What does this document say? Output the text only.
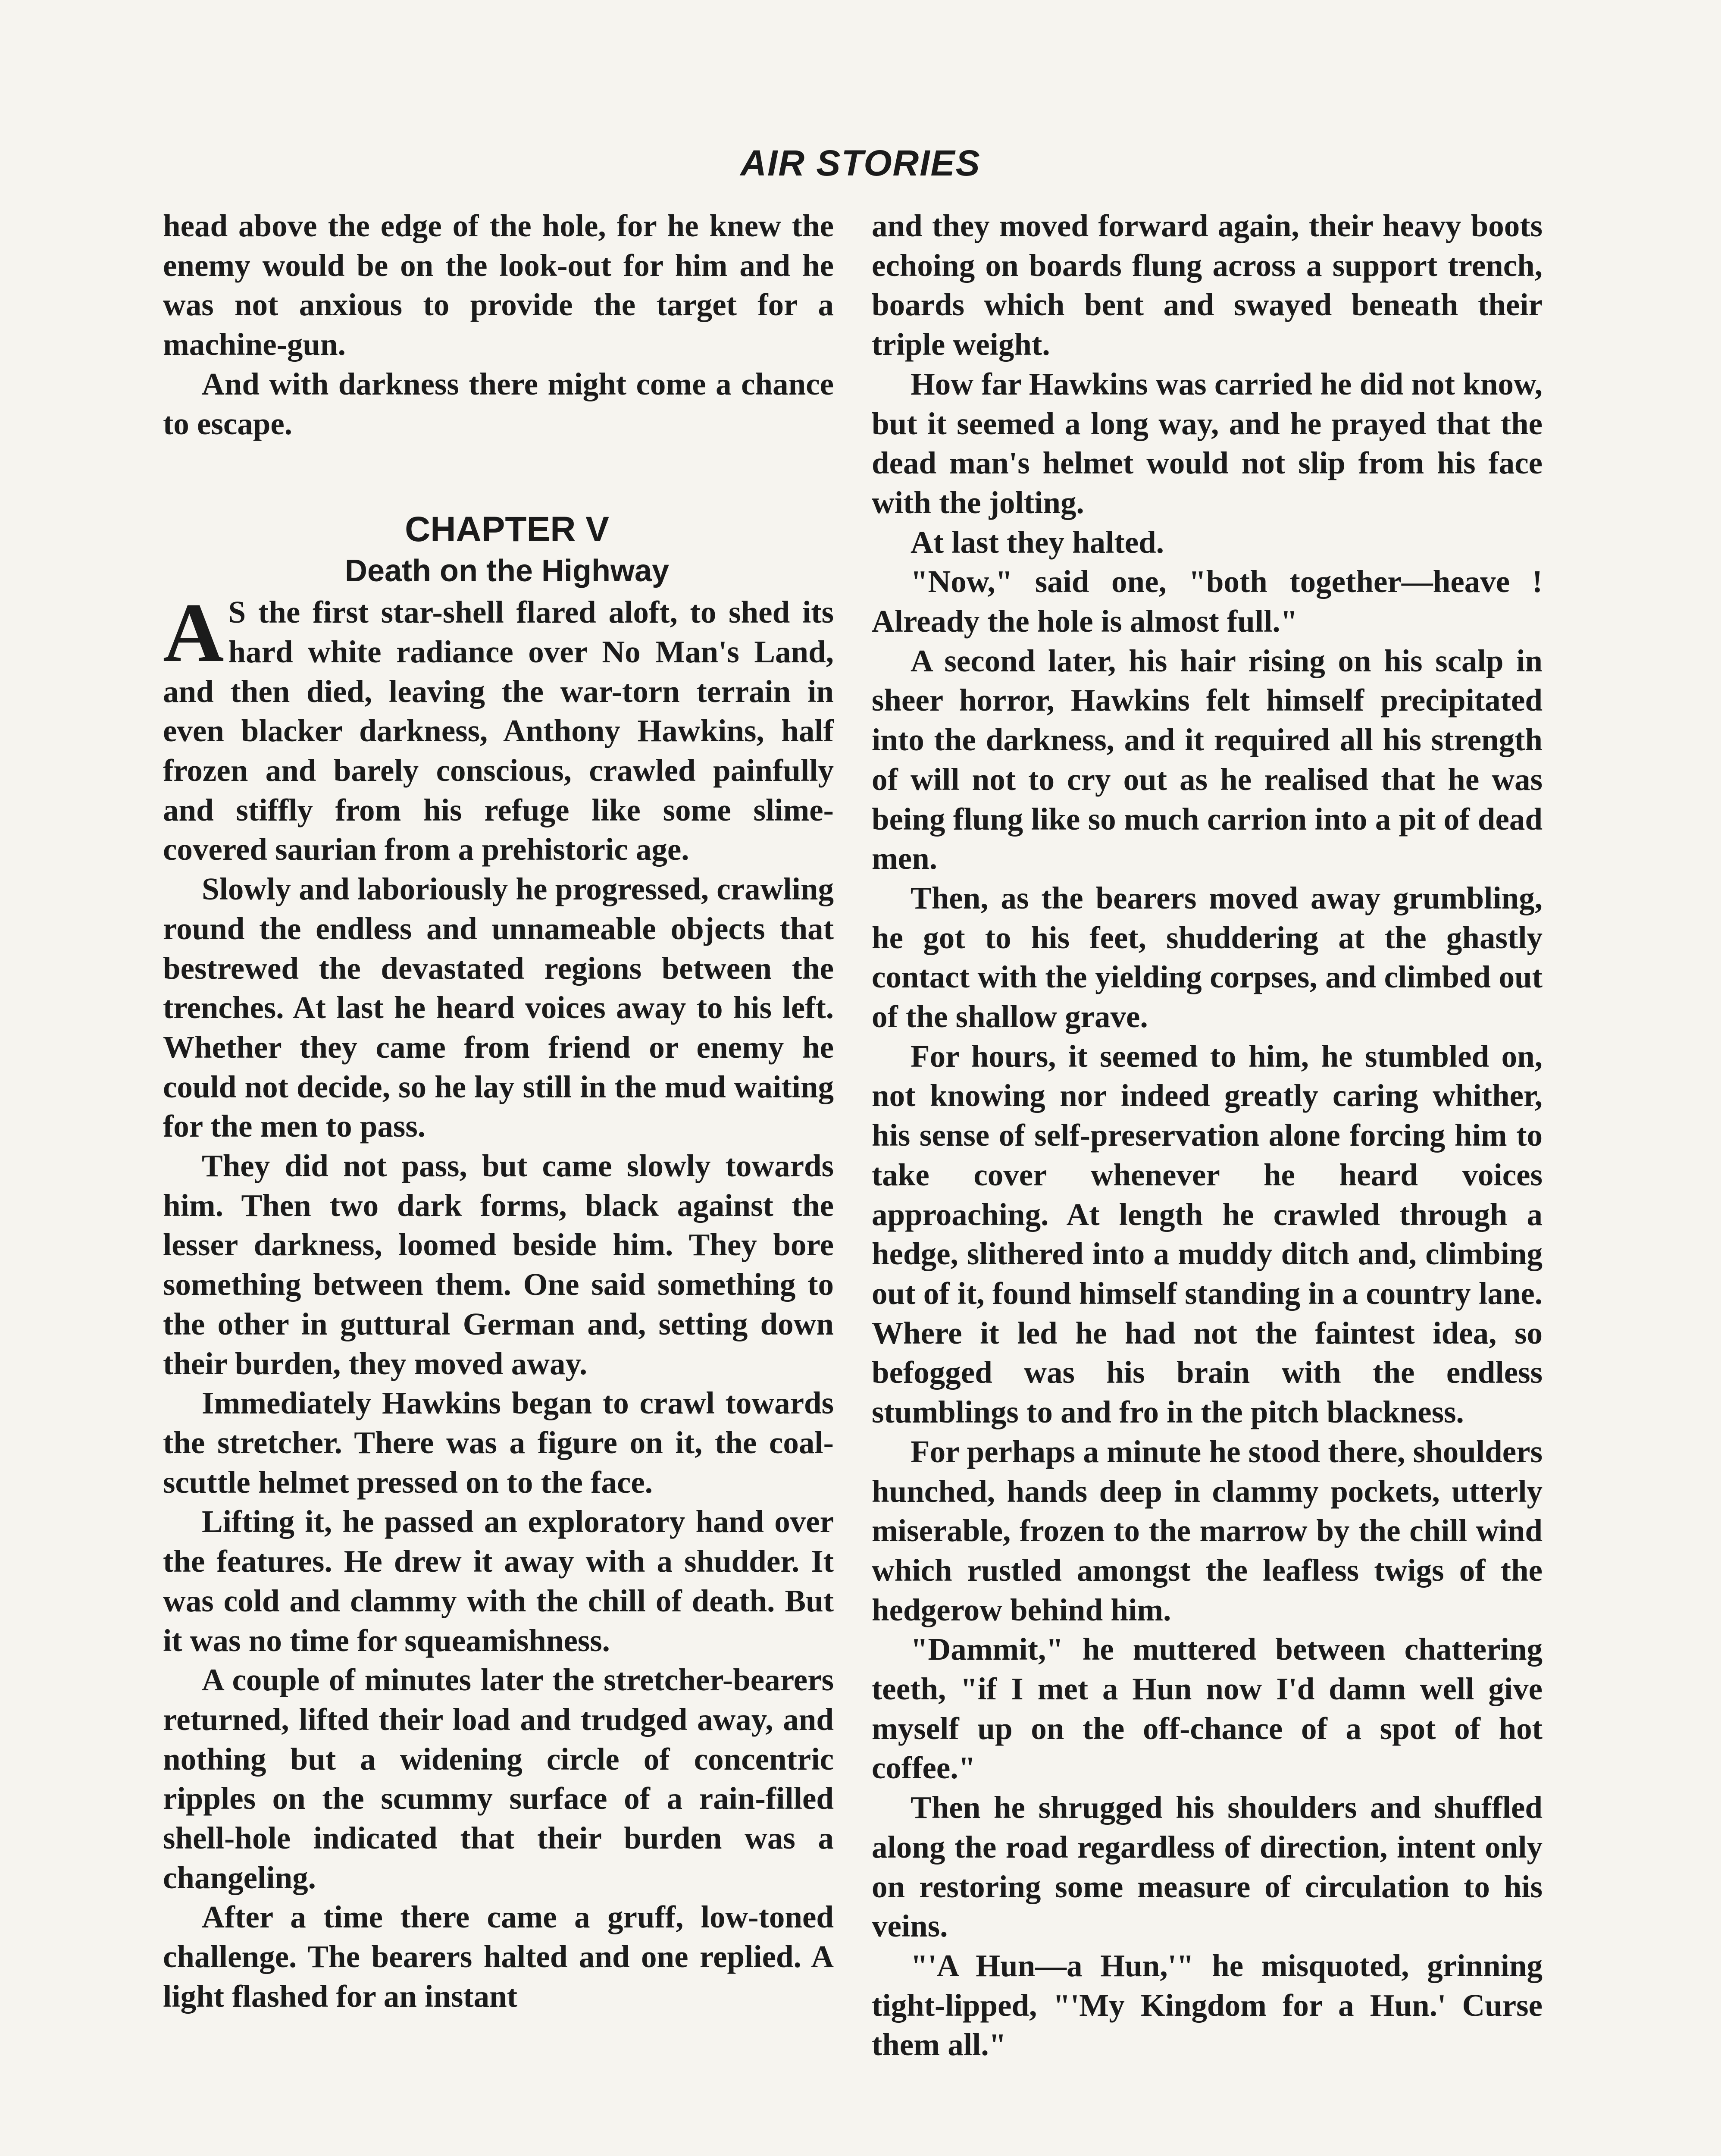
AIR STORIES

head above the edge of the hole, for he knew the enemy would be on the look-out for him and he was not anxious to provide the target for a machine-gun.

And with darkness there might come a chance to escape.

CHAPTER V
Death on the Highway

A S the first star-shell flared aloft, to shed its hard white radiance over No Man's Land, and then died, leaving the war-torn terrain in even blacker darkness, Anthony Hawkins, half frozen and barely conscious, crawled painfully and stiffly from his refuge like some slime-covered saurian from a prehistoric age.

Slowly and laboriously he progressed, crawling round the endless and unnameable objects that bestrewed the devastated regions between the trenches. At last he heard voices away to his left. Whether they came from friend or enemy he could not decide, so he lay still in the mud waiting for the men to pass.

They did not pass, but came slowly towards him. Then two dark forms, black against the lesser darkness, loomed beside him. They bore something between them. One said something to the other in guttural German and, setting down their burden, they moved away.

Immediately Hawkins began to crawl towards the stretcher. There was a figure on it, the coal-scuttle helmet pressed on to the face.

Lifting it, he passed an exploratory hand over the features. He drew it away with a shudder. It was cold and clammy with the chill of death. But it was no time for squeamishness.

A couple of minutes later the stretcher-bearers returned, lifted their load and trudged away, and nothing but a widening circle of concentric ripples on the scummy surface of a rain-filled shell-hole indicated that their burden was a changeling.

After a time there came a gruff, low-toned challenge. The bearers halted and one replied. A light flashed for an instant

and they moved forward again, their heavy boots echoing on boards flung across a support trench, boards which bent and swayed beneath their triple weight.

How far Hawkins was carried he did not know, but it seemed a long way, and he prayed that the dead man's helmet would not slip from his face with the jolting.

At last they halted.

"Now," said one, "both together—heave ! Already the hole is almost full."

A second later, his hair rising on his scalp in sheer horror, Hawkins felt himself precipitated into the darkness, and it required all his strength of will not to cry out as he realised that he was being flung like so much carrion into a pit of dead men.

Then, as the bearers moved away grumbling, he got to his feet, shuddering at the ghastly contact with the yielding corpses, and climbed out of the shallow grave.

For hours, it seemed to him, he stumbled on, not knowing nor indeed greatly caring whither, his sense of self-preservation alone forcing him to take cover whenever he heard voices approaching. At length he crawled through a hedge, slithered into a muddy ditch and, climbing out of it, found himself standing in a country lane. Where it led he had not the faintest idea, so befogged was his brain with the endless stumblings to and fro in the pitch blackness.

For perhaps a minute he stood there, shoulders hunched, hands deep in clammy pockets, utterly miserable, frozen to the marrow by the chill wind which rustled amongst the leafless twigs of the hedgerow behind him.

"Dammit," he muttered between chattering teeth, "if I met a Hun now I'd damn well give myself up on the off-chance of a spot of hot coffee."

Then he shrugged his shoulders and shuffled along the road regardless of direction, intent only on restoring some measure of circulation to his veins.

"'A Hun—a Hun,'" he misquoted, grinning tight-lipped, "'My Kingdom for a Hun.' Curse them all."
